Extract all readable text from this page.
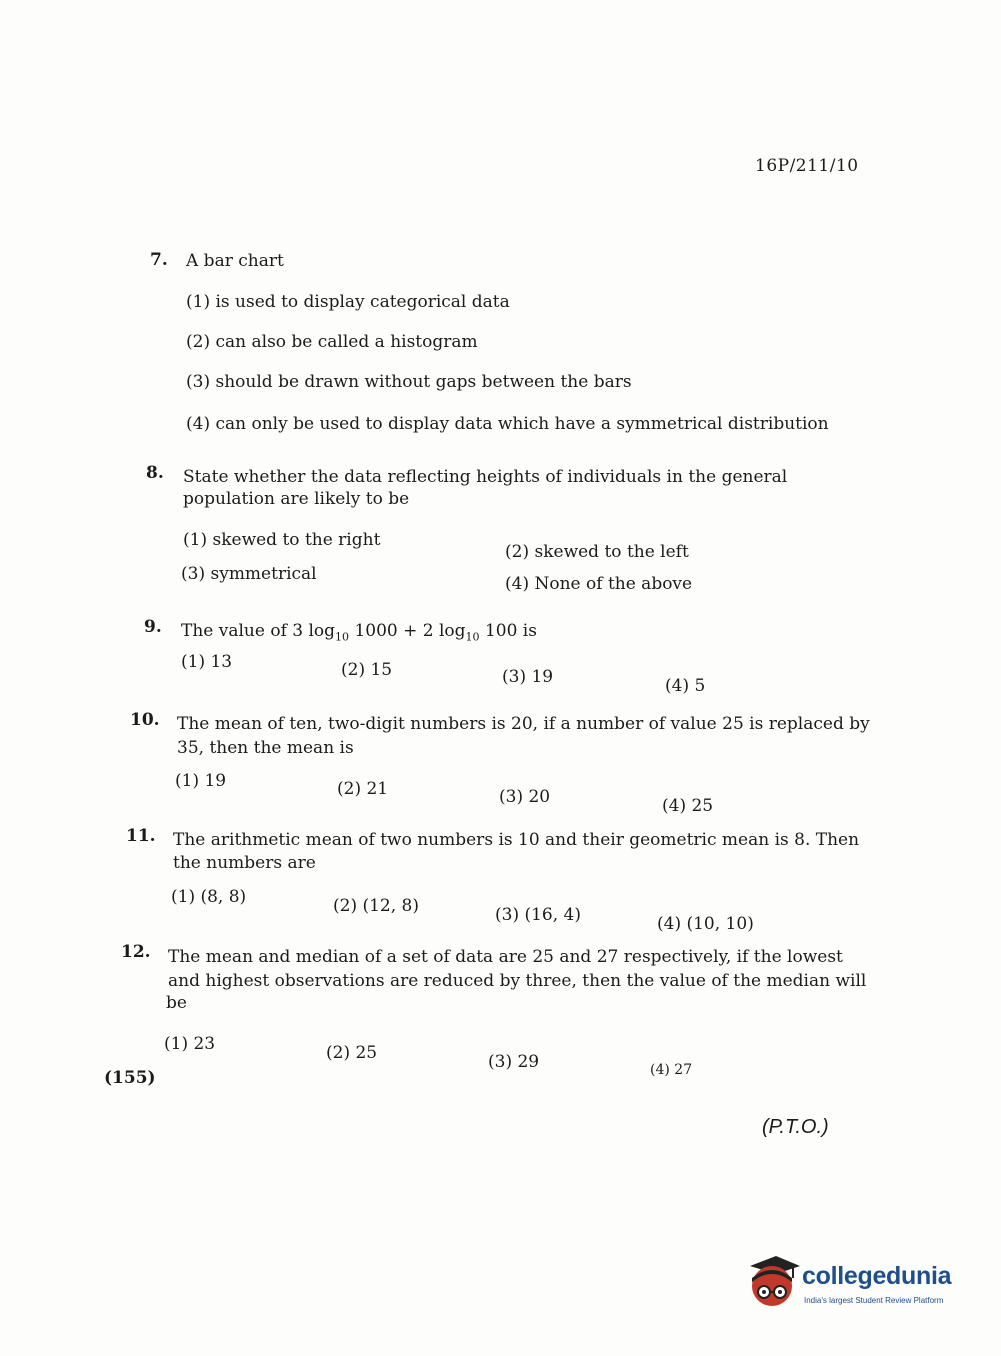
16P/211/10
7. A bar chart
(1) is used to display categorical data
(2) can also be called a histogram
(3) should be drawn without gaps between the bars
(4) can only be used to display data which have a symmetrical distribution
8. State whether the data reflecting heights of individuals in the general
population are likely to be
(1) skewed to the right
(2) skewed to the left
(3) symmetrical	(4) None of the above
9. The value of 3 $\log_{10} 1000 + 2$ $\log_{10} 100$ is
(1) 13	(2) 15	(3) 19	(4) 5
10. The mean of ten, two-digit numbers is 20, if a number of value 25 is replaced by
35, then the mean is
(1) 19	(2) 21	(3) 20	(4) 25
11. The arithmetic mean of two numbers is 10 and their geometric mean is 8. Then
the numbers are
(1) (8, 8)	(2) (12, 8)	(3) (16, 4)	(4) (10, 10)
12. The mean and median of a set of data are 25 and 27 respectively, if the lowest
and highest observations are reduced by three, then the value of the median will
be
(1) 23	(2) 25	(3) 29	(4) 27
(155)
(P.T.O.)
collegedunia
India's largest Student Review Platform
